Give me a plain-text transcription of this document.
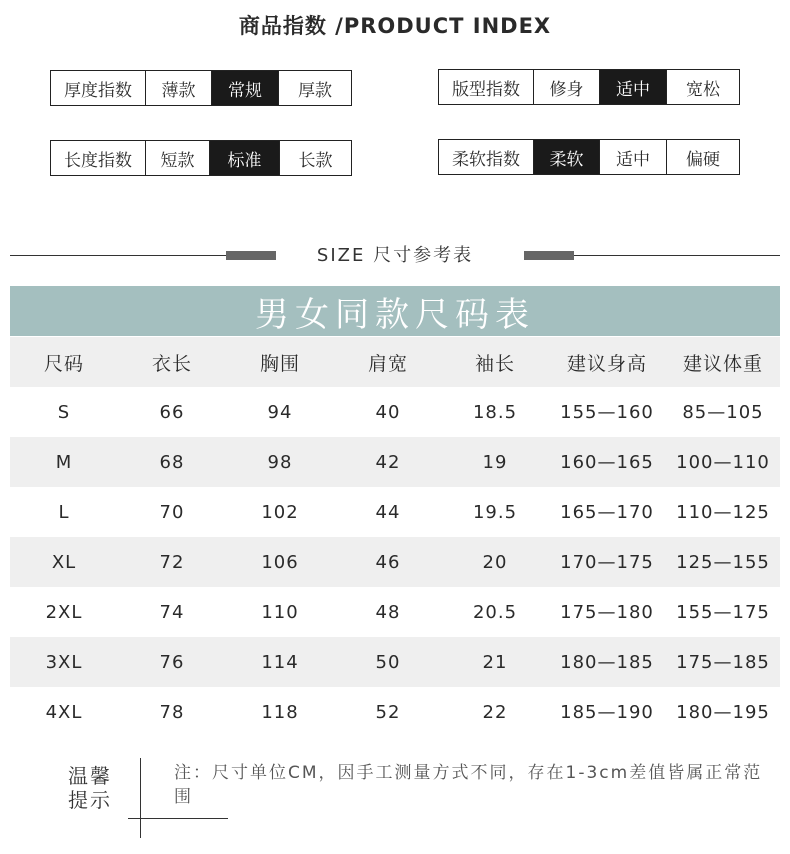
商品指数 /PRODUCT INDEX
厚度指数	薄款	常规	厚款	版型指数	修身	适中	宽松
长度指数	短款	标准	长款	柔软指数	柔软	适中	偏硬
SIZE 尺寸参考表
男女同款尺码表
尺码	衣长	胸围	肩宽	袖长	建议身高	建议体重
S	66	94	40	18.5	155—160	85—105
M	68	98	42	19	160—165	100—110
L	70	102	44	19.5	165—170	110—125
XL	72	106	46	20	170—175	125—155
2XL	74	110	48	20.5	175—180	155—175
3XL	76	114	50	21	180—185	175—185
4XL	78	118	52	22	185—190	180—195
温馨
提示
注：尺寸单位CM，因手工测量方式不同，存在1-3cm差值皆属正常范围
